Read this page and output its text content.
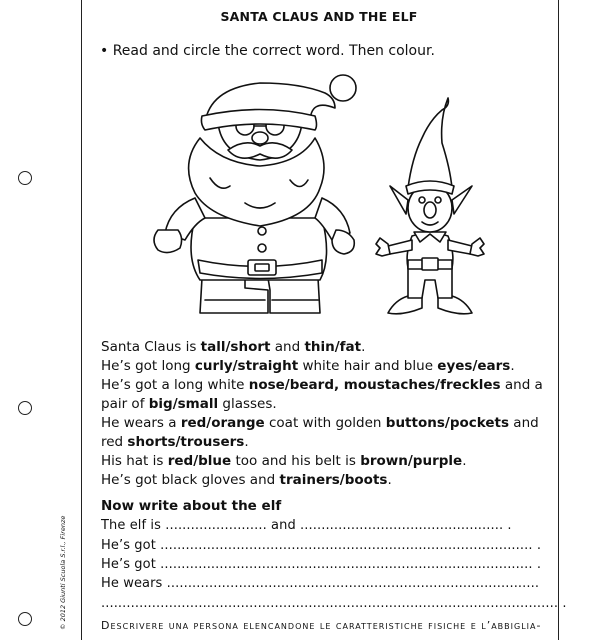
© 2012 Giunti Scuola S.r.l., Firenze
SANTA CLAUS AND THE ELF
• Read and circle the correct word. Then colour.
Santa Claus is tall/short and thin/fat.
He’s got long curly/straight white hair and blue eyes/ears.
He’s got a long white nose/beard, moustaches/freckles and a
pair of big/small glasses.
He wears a red/orange coat with golden buttons/pockets and
red shorts/trousers.
His hat is red/blue too and his belt is brown/purple.
He’s got black gloves and trainers/boots.
Now write about the elf
The elf is ........................ and ................................................ .
He’s got ........................................................................................ .
He’s got ........................................................................................ .
He wears ........................................................................................
............................................................................................................ .
Descrivere una persona elencandone le caratteristiche fisiche e l’abbiglia-
